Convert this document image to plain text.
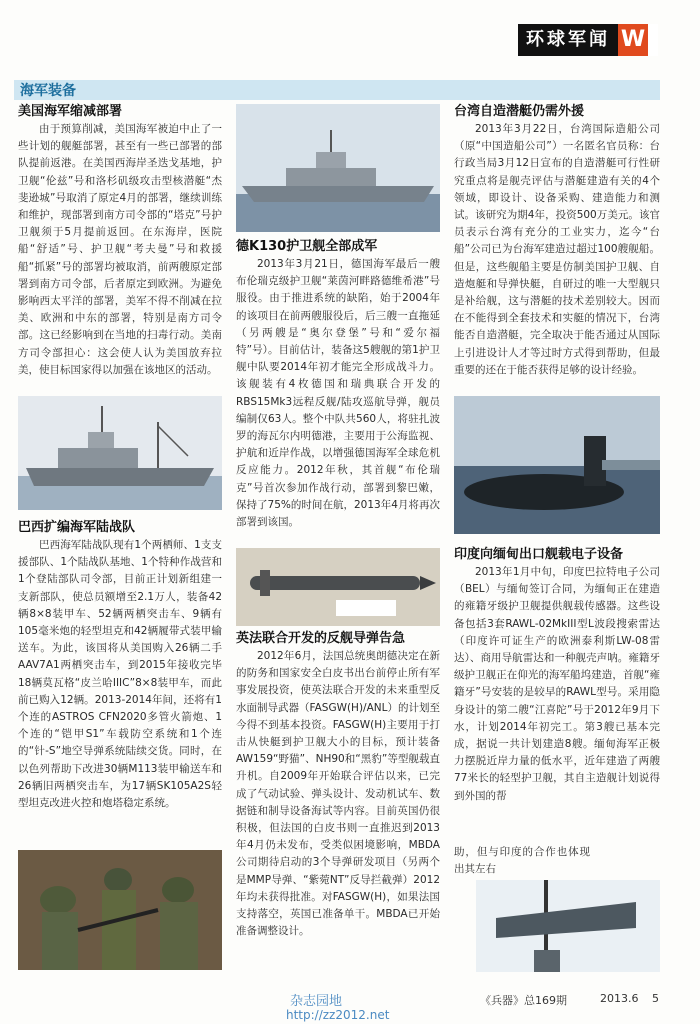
环球军闻 W
海军装备
美国海军缩减部署

由于预算削减，美国海军被迫中止了一些计划的舰艇部署，甚至有一些已部署的部队提前返港。在美国西海岸圣迭戈基地，护卫舰“伦兹”号和洛杉矶级攻击型核潜艇“杰斐逊城”号取消了原定4月的部署，继续训练和维护，现部署到南方司令部的“塔克”号护卫舰须于5月提前返回。在东海岸，医院船“舒适”号、护卫舰“考夫曼”号和救援船“抓紧”号的部署均被取消，前两艘原定部署到南方司令部，后者原定到欧洲。为避免影响西太平洋的部署，美军不得不削减在拉美、欧洲和中东的部署，特别是南方司令部。这已经影响到在当地的扫毒行动。美南方司令部担心：这会使人认为美国放弃拉美，使目标国家得以加强在该地区的活动。

巴西扩编海军陆战队

巴西海军陆战队现有1个两栖师、1支支援部队、1个陆战队基地、1个特种作战营和1个登陆部队司令部，目前正计划新组建一支新部队，使总员额增至2.1万人，装备42辆8×8装甲车、52辆两栖突击车、9辆有105毫米炮的轻型坦克和42辆履带式装甲输送车。为此，该国将从美国购入26辆二手AAV7A1两栖突击车，到2015年接收完毕18辆莫瓦格“皮兰哈IIIC”8×8装甲车，而此前已购入12辆。2013-2014年间，还将有1个连的ASTROS CFN2020多管火箭炮、1个连的“铠甲S1”车载防空系统和1个连的“针-S”地空导弹系统陆续交货。同时，在以色列帮助下改进30辆M113装甲输送车和26辆旧两栖突击车，为17辆SK105A2S轻型坦克改进火控和炮塔稳定系统。

德K130护卫舰全部成军

2013年3月21日，德国海军最后一艘布伦瑞克级护卫舰“莱茵河畔路德维希港”号服役。由于推进系统的缺陷，始于2004年的该项目在前两艘服役后，后三艘一直拖延（另两艘是“奥尔登堡”号和“爱尔福特”号）。目前估计，装备这5艘舰的第1护卫舰中队要2014年初才能完全形成战斗力。该舰装有4枚德国和瑞典联合开发的RBS15Mk3远程反舰/陆攻巡航导弹，舰员编制仅63人。整个中队共560人，将驻扎波罗的海瓦尔内明德港，主要用于公海监视、护航和近岸作战，以增强德国海军全球危机反应能力。2012年秋，其首舰“布伦瑞克”号首次参加作战行动，部署到黎巴嫩，保持了75%的时间在航，2013年4月将再次部署到该国。

英法联合开发的反舰导弹告急

2012年6月，法国总统奥朗德决定在新的防务和国家安全白皮书出台前停止所有军事发展投资，使英法联合开发的未来重型反水面制导武器（FASGW(H)/ANL）的计划至今得不到基本投资。FASGW(H)主要用于打击从快艇到护卫舰大小的目标，预计装备AW159“野猫”、NH90和“黑豹”等型舰载直升机。自2009年开始联合评估以来，已完成了气动试验、弹头设计、发动机试车、数据链和制导设备海试等内容。目前英国仍很积极，但法国的白皮书则一直推迟到2013年4月仍未发布，受类似困境影响，MBDA公司期待启动的3个导弹研发项目（另两个是MMP导弹、“紫菀NT”反导拦截弹）2012年均未获得批准。对FASGW(H)，如果法国支持落空，英国已准备单干。MBDA已开始准备调整设计。

台湾自造潜艇仍需外援

2013年3月22日，台湾国际造船公司（原“中国造船公司”）一名匿名官员称：台行政当局3月12日宣布的自造潜艇可行性研究重点将是舰壳评估与潜艇建造有关的4个领域，即设计、设备采购、建造能力和测试。该研究为期4年，投资500万美元。该官员表示台湾有充分的工业实力，迄今“台船”公司已为台海军建造过超过100艘舰船。但是，这些舰船主要是仿制美国护卫舰、自造炮艇和导弹快艇，自研过的唯一大型舰只是补给舰，这与潜艇的技术差别较大。因而在不能得到全套技术和实艇的情况下，台湾能否自造潜艇，完全取决于能否通过从国际上引进设计人才等过时方式得到帮助，但最重要的还在于能否获得足够的设计经验。

印度向缅甸出口舰载电子设备

2013年1月中旬，印度巴拉特电子公司（BEL）与缅甸签订合同，为缅甸正在建造的雍籍牙级护卫舰提供舰载传感器。这些设备包括3套RAWL-02MkIII型L波段搜索雷达（印度许可证生产的欧洲泰利斯LW-08雷达）、商用导航雷达和一种舰壳声呐。雍籍牙级护卫舰正在仰光的海军船坞建造，首舰“雍籍牙”号安装的是较早的RAWL型号。采用隐身设计的第二艘“江喜陀”号于2012年9月下水，计划2014年初完工。第3艘已基本完成，据说一共计划建造8艘。缅甸海军正极力摆脱近岸力量的低水平，近年建造了两艘77米长的轻型护卫舰，其自主造舰计划说得到外国的帮

助，但与印度的合作也体现出其左右

杂志园地
http://zz2012.net
《兵器》总169期	2013.6 5
